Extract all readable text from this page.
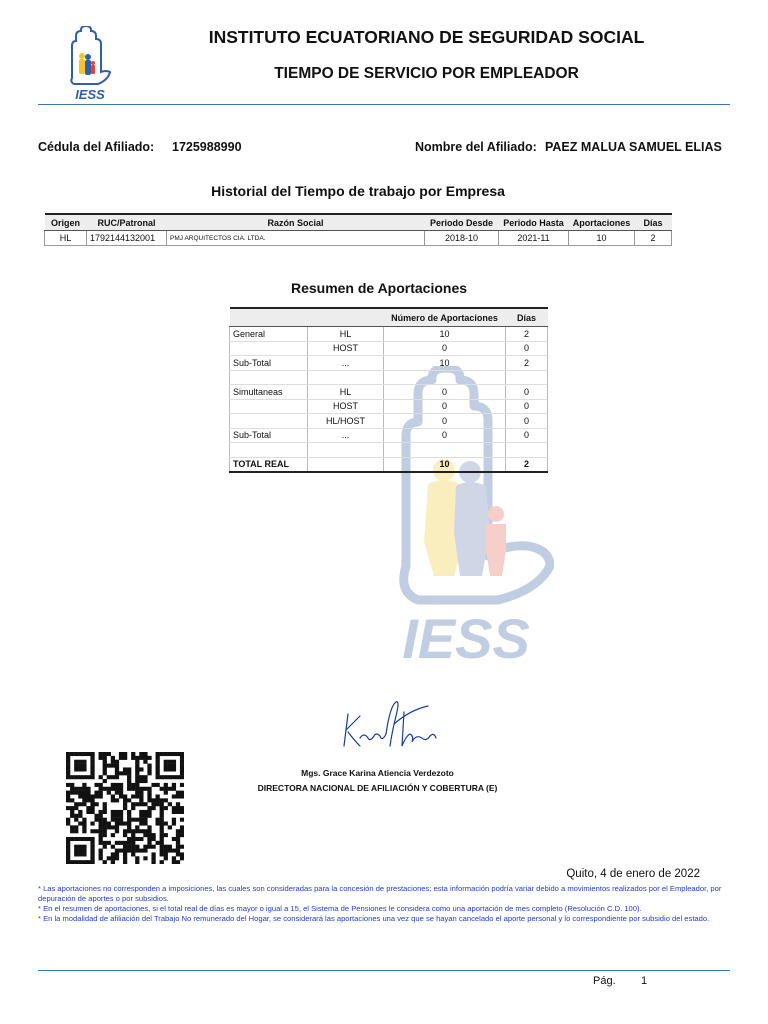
IESS
INSTITUTO ECUATORIANO DE SEGURIDAD SOCIAL
TIEMPO DE SERVICIO POR EMPLEADOR
Cédula del Afiliado: 1725988990	Nombre del Afiliado: PAEZ MALUA SAMUEL ELIAS
IESS
Historial del Tiempo de trabajo por Empresa
Origen	RUC/Patronal	Razón Social	Periodo Desde	Periodo Hasta	Aportaciones	Días
HL	1792144132001	PMJ ARQUITECTOS CIA. LTDA.	2018-10	2021-11	10	2
Resumen de Aportaciones
		Número de Aportaciones	Días
General	HL	10	2
	HOST	0	0
Sub-Total	...	10	2

Simultaneas	HL	0	0
	HOST	0	0
	HL/HOST	0	0
Sub-Total	...	0	0

TOTAL REAL		10	2
Mgs. Grace Karina Atiencia Verdezoto
DIRECTORA NACIONAL DE AFILIACIÓN Y COBERTURA (E)
Quito, 4 de enero de 2022

* Las aportaciones no corresponden a imposiciones, las cuales son consideradas para la concesión de prestaciones; esta información podría variar debido a movimientos realizados por el Empleador, por depuración de aportes o por subsidios.

* En el resumen de aportaciones, si el total real de días es mayor o igual a 15, el Sistema de Pensiones le considera como una aportación de mes completo (Resolución C.D. 100).

* En la modalidad de afiliación del Trabajo No remunerado del Hogar, se considerará las aportaciones una vez que se hayan cancelado el aporte personal y lo correspondiente por subsidio del estado.

Pág. 1
